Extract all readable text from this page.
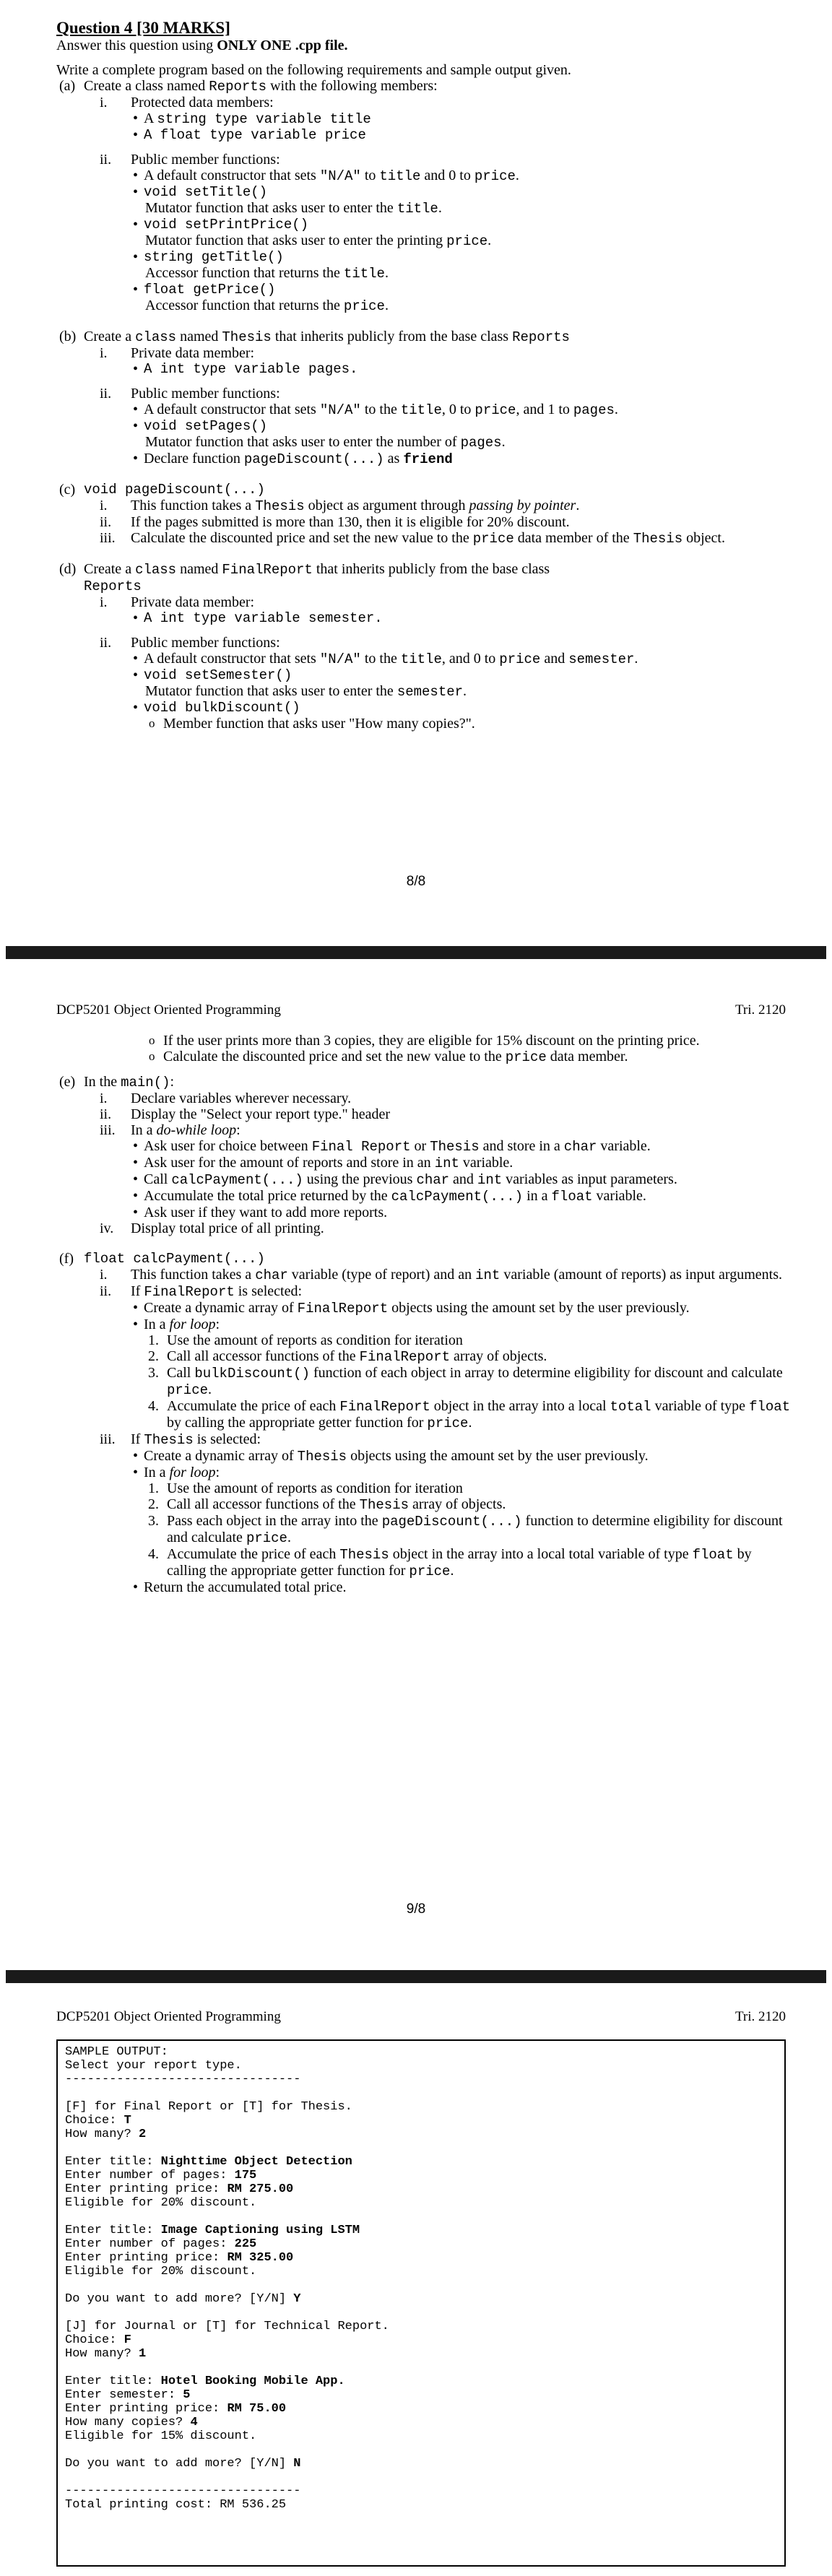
Question 4 [30 MARKS]
Answer this question using ONLY ONE .cpp file.
Write a complete program based on the following requirements and sample output given.
(a) Create a class named Reports with the following members:
i.	Protected data members:
• A string type variable title
• A float type variable price
ii.	Public member functions:
• A default constructor that sets "N/A" to title and 0 to price.
• void setTitle()
Mutator function that asks user to enter the title.
• void setPrintPrice()
Mutator function that asks user to enter the printing price.
• string getTitle()
Accessor function that returns the title.
• float getPrice()
Accessor function that returns the price.
(b) Create a class named Thesis that inherits publicly from the base class Reports
i.	Private data member:
• A int type variable pages.
ii.	Public member functions:
• A default constructor that sets "N/A" to the title, 0 to price, and 1 to pages.
• void setPages()
Mutator function that asks user to enter the number of pages.
• Declare function pageDiscount(...) as friend
(c) void pageDiscount(...)
i.	This function takes a Thesis object as argument through passing by pointer.
ii.	If the pages submitted is more than 130, then it is eligible for 20% discount.
iii.	Calculate the discounted price and set the new value to the price data member of the Thesis object.
(d) Create a class named FinalReport that inherits publicly from the base class
Reports
i.	Private data member:
• A int type variable semester.
ii.	Public member functions:
• A default constructor that sets "N/A" to the title, and 0 to price and semester.
• void setSemester()
Mutator function that asks user to enter the semester.
• void bulkDiscount()
o Member function that asks user "How many copies?".
8/8
DCP5201 Object Oriented Programming	Tri. 2120
o If the user prints more than 3 copies, they are eligible for 15% discount on the printing price.
o Calculate the discounted price and set the new value to the price data member.
(e) In the main():
i.	Declare variables wherever necessary.
ii.	Display the "Select your report type." header
iii.	In a do-while loop:
• Ask user for choice between Final Report or Thesis and store in a char variable.
• Ask user for the amount of reports and store in an int variable.
• Call calcPayment(...) using the previous char and int variables as input parameters.
• Accumulate the total price returned by the calcPayment(...) in a float variable.
• Ask user if they want to add more reports.
iv.	Display total price of all printing.
(f) float calcPayment(...)
i.	This function takes a char variable (type of report) and an int variable (amount of reports) as input arguments.
ii.	If FinalReport is selected:
• Create a dynamic array of FinalReport objects using the amount set by the user previously.
• In a for loop:
1. Use the amount of reports as condition for iteration
2. Call all accessor functions of the FinalReport array of objects.
3. Call bulkDiscount() function of each object in array to determine eligibility for discount and calculate price.
4. Accumulate the price of each FinalReport object in the array into a local total variable of type float by calling the appropriate getter function for price.
iii.	If Thesis is selected:
• Create a dynamic array of Thesis objects using the amount set by the user previously.
• In a for loop:
1. Use the amount of reports as condition for iteration
2. Call all accessor functions of the Thesis array of objects.
3. Pass each object in the array into the pageDiscount(...) function to determine eligibility for discount and calculate price.
4. Accumulate the price of each Thesis object in the array into a local total variable of type float by calling the appropriate getter function for price.
• Return the accumulated total price.
9/8
DCP5201 Object Oriented Programming	Tri. 2120
SAMPLE OUTPUT:
Select your report type.
--------------------------------

[F] for Final Report or [T] for Thesis.
Choice: T
How many? 2

Enter title: Nighttime Object Detection
Enter number of pages: 175
Enter printing price: RM 275.00
Eligible for 20% discount.

Enter title: Image Captioning using LSTM
Enter number of pages: 225
Enter printing price: RM 325.00
Eligible for 20% discount.

Do you want to add more? [Y/N] Y

[J] for Journal or [T] for Technical Report.
Choice: F
How many? 1

Enter title: Hotel Booking Mobile App.
Enter semester: 5
Enter printing price: RM 75.00
How many copies? 4
Eligible for 15% discount.

Do you want to add more? [Y/N] N

--------------------------------
Total printing cost: RM 536.25
